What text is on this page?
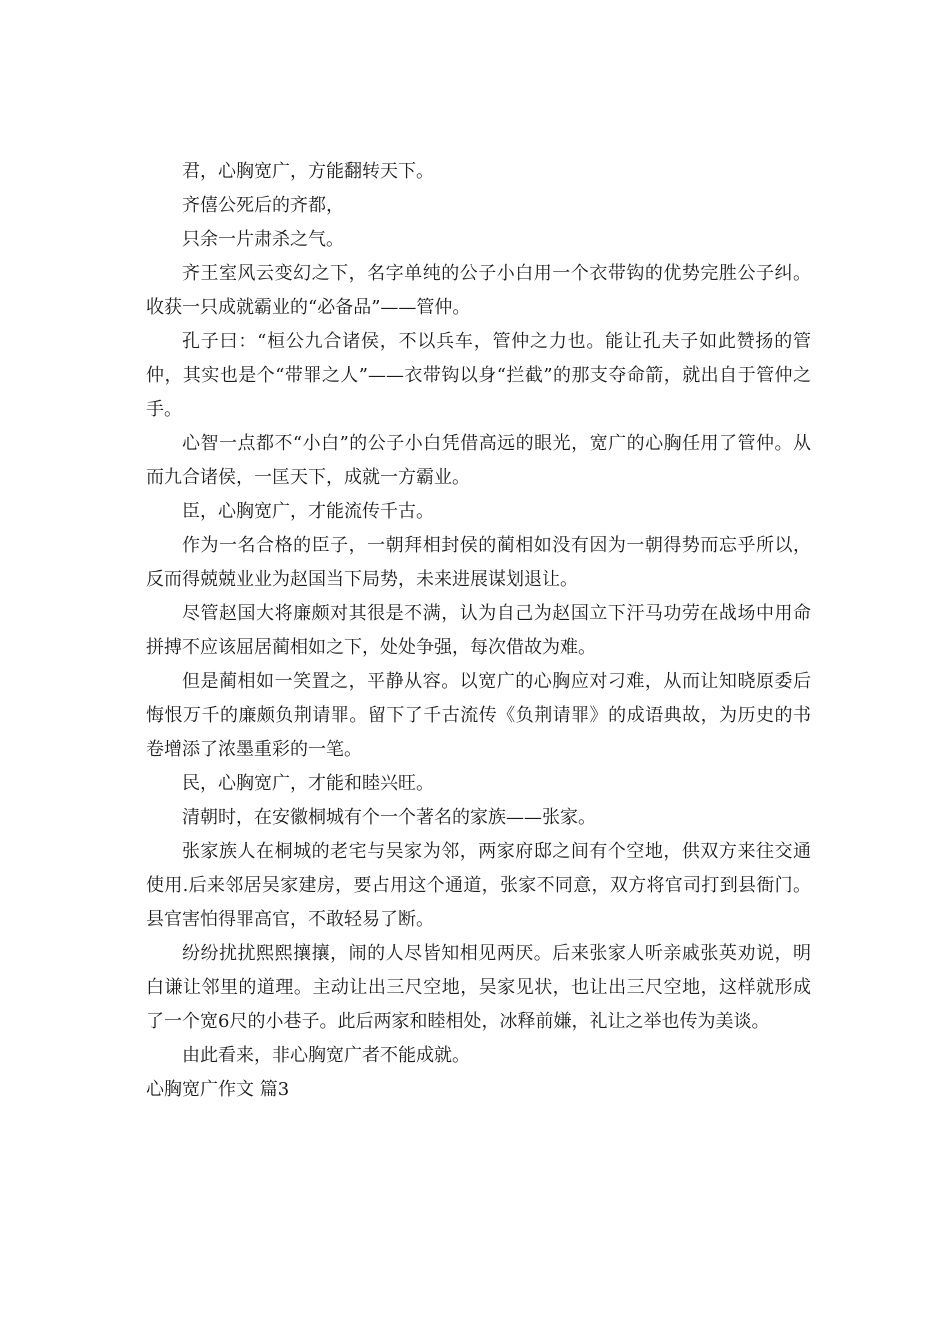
君，心胸宽广，方能翻转天下。

齐僖公死后的齐都，

只余一片肃杀之气。

齐王室风云变幻之下，名字单纯的公子小白用一个衣带钩的优势完胜公子纠。收获一只成就霸业的“必备品”——管仲。

孔子曰：“桓公九合诸侯，不以兵车，管仲之力也。能让孔夫子如此赞扬的管仲，其实也是个“带罪之人”——衣带钩以身“拦截”的那支夺命箭，就出自于管仲之手。

心智一点都不“小白”的公子小白凭借高远的眼光，宽广的心胸任用了管仲。从而九合诸侯，一匡天下，成就一方霸业。

臣，心胸宽广，才能流传千古。

作为一名合格的臣子，一朝拜相封侯的蔺相如没有因为一朝得势而忘乎所以，反而得兢兢业业为赵国当下局势，未来进展谋划退让。

尽管赵国大将廉颇对其很是不满，认为自己为赵国立下汗马功劳在战场中用命拼搏不应该屈居蔺相如之下，处处争强，每次借故为难。

但是蔺相如一笑置之，平静从容。以宽广的心胸应对刁难，从而让知晓原委后悔恨万千的廉颇负荆请罪。留下了千古流传《负荆请罪》的成语典故，为历史的书卷增添了浓墨重彩的一笔。

民，心胸宽广，才能和睦兴旺。

清朝时，在安徽桐城有个一个著名的家族——张家。

张家族人在桐城的老宅与吴家为邻，两家府邸之间有个空地，供双方来往交通使用.后来邻居吴家建房，要占用这个通道，张家不同意，双方将官司打到县衙门。县官害怕得罪高官，不敢轻易了断。

纷纷扰扰熙熙攘攘，闹的人尽皆知相见两厌。后来张家人听亲戚张英劝说，明白谦让邻里的道理。主动让出三尺空地，吴家见状，也让出三尺空地，这样就形成了一个宽6尺的小巷子。此后两家和睦相处，冰释前嫌，礼让之举也传为美谈。

由此看来，非心胸宽广者不能成就。

心胸宽广作文 篇3
